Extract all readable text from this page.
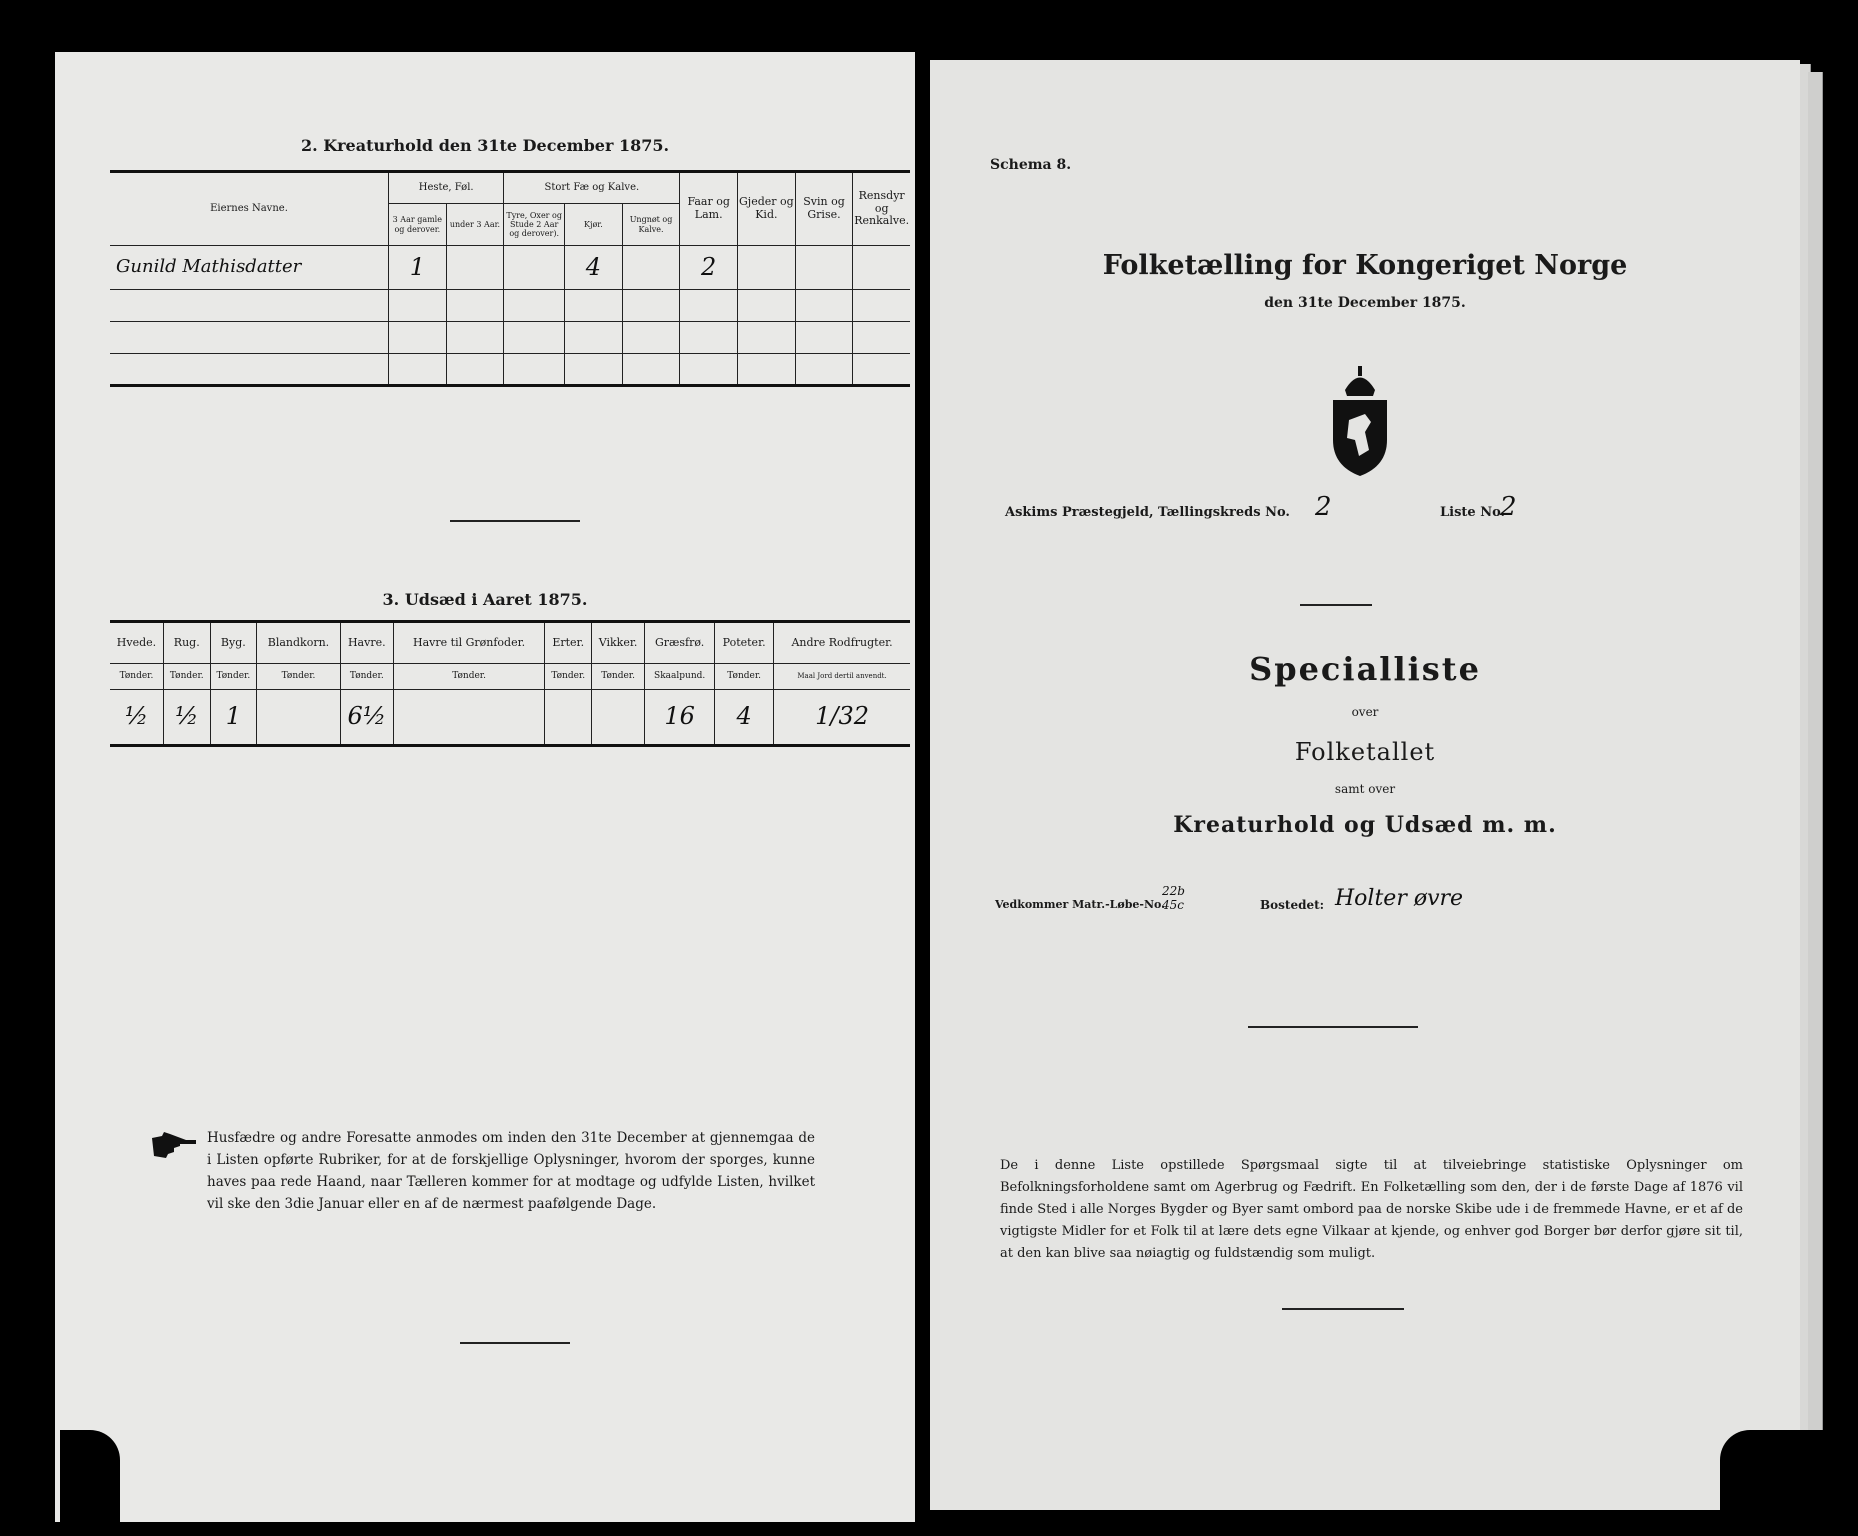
2. Kreaturhold den 31te December 1875.
Eiernes Navne.	Heste, Føl.		Stort Fæ og Kalve.			Faar og Lam.	Gjeder og Kid.	Svin og Grise.	Rensdyr og Renkalve.
	3 Aar gamle og derover.	under 3 Aar.	Tyre, Oxer og Stude 2 Aar og derover).	Kjør.	Ungnøt og Kalve.				
Gunild Mathisdatter	1			4		2			

3. Udsæd i Aaret 1875.
Hvede.	Rug.	Byg.	Blandkorn.	Havre.	Havre til Grønfoder.	Erter.	Vikker.	Græsfrø.	Poteter.	Andre Rodfrugter.
Tønder.	Tønder.	Tønder.	Tønder.	Tønder.	Tønder.	Tønder.	Tønder.	Skaalpund.	Tønder.	Maal Jord dertil anvendt.
½	½	1		6½				16	4	1/32
Husfædre og andre Foresatte anmodes om inden den 31te December at gjennemgaa de i Listen opførte Rubriker, for at de forskjellige Oplysninger, hvorom der sporges, kunne haves paa rede Haand, naar Tælleren kommer for at modtage og udfylde Listen, hvilket vil ske den 3die Januar eller en af de nærmest paafølgende Dage.
Schema 8.
Folketælling for Kongeriget Norge
den 31te December 1875.
Askims Præstegjeld, Tællingskreds No. 2	Liste No.
2
Specialliste
over
Folketallet
samt over
Kreaturhold og Udsæd m. m.
Vedkommer Matr.-Løbe-No.
22b
45c	Bostedet: Holter øvre
De i denne Liste opstillede Spørgsmaal sigte til at tilveiebringe statistiske Oplysninger om Befolkningsforholdene samt om Agerbrug og Fædrift. En Folketælling som den, der i de første Dage af 1876 vil finde Sted i alle Norges Bygder og Byer samt ombord paa de norske Skibe ude i de fremmede Havne, er et af de vigtigste Midler for et Folk til at lære dets egne Vilkaar at kjende, og enhver god Borger bør derfor gjøre sit til, at den kan blive saa nøiagtig og fuldstændig som muligt.
